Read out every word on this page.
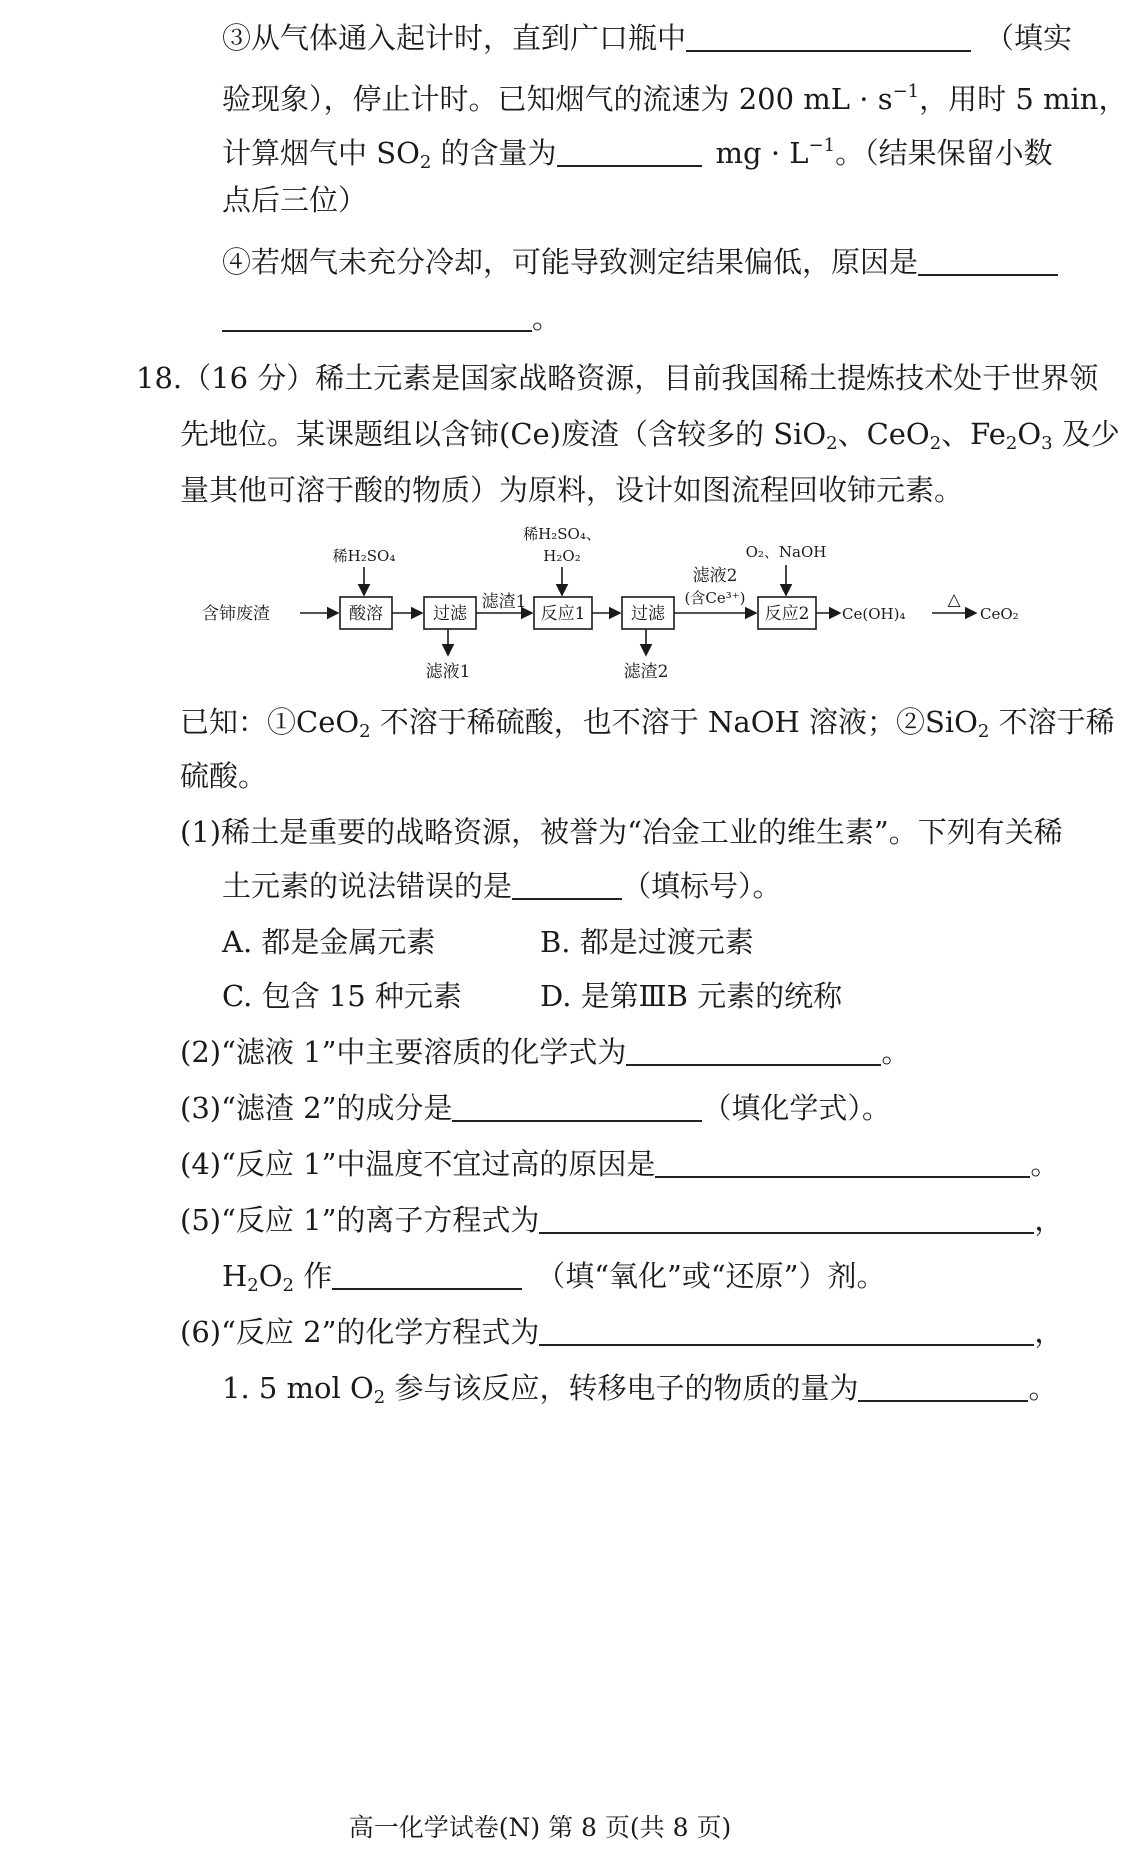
③从气体通入起计时，直到广口瓶中	（填实
验现象），停止计时。已知烟气的流速为 200 mL · $s^{-1}$，用时 5 min，
计算烟气中 $SO_2$ 的含量为	mg · $L^{-1}$。（结果保留小数
点后三位）
④若烟气未充分冷却，可能导致测定结果偏低，原因是
。
18.（16 分）稀土元素是国家战略资源，目前我国稀土提炼技术处于世界领
先地位。某课题组以含铈(Ce)废渣（含较多的 SiO$_2$、CeO$_2$、$Fe_2O_3$ 及少
量其他可溶于酸的物质）为原料，设计如图流程回收铈元素。
含铈废渣	酸溶	过滤	反应1	过滤	反应2
稀H₂SO₄
滤液1
滤渣1
稀H₂SO₄、
H₂O₂
滤渣2
滤液2
(含Ce³⁺)
O₂、NaOH
Ce(OH)₄
△
CeO₂
已知：①CeO$_2$ 不溶于稀硫酸，也不溶于 NaOH 溶液；②SiO$_2$ 不溶于稀
硫酸。
(1)稀土是重要的战略资源，被誉为“冶金工业的维生素”。下列有关稀
土元素的说法错误的是	（填标号）。
A. 都是金属元素	B. 都是过渡元素
C. 包含 15 种元素	D. 是第ⅢB 元素的统称
(2)“滤液 1”中主要溶质的化学式为	。
(3)“滤渣 2”的成分是	（填化学式）。
(4)“反应 1”中温度不宜过高的原因是	。
(5)“反应 1”的离子方程式为	，
$H_2O_2$ 作	（填“氧化”或“还原”）剂。
(6)“反应 2”的化学方程式为	，
1. 5 mol $O_2$ 参与该反应，转移电子的物质的量为	。
高一化学试卷(N) 第 8 页(共 8 页)
